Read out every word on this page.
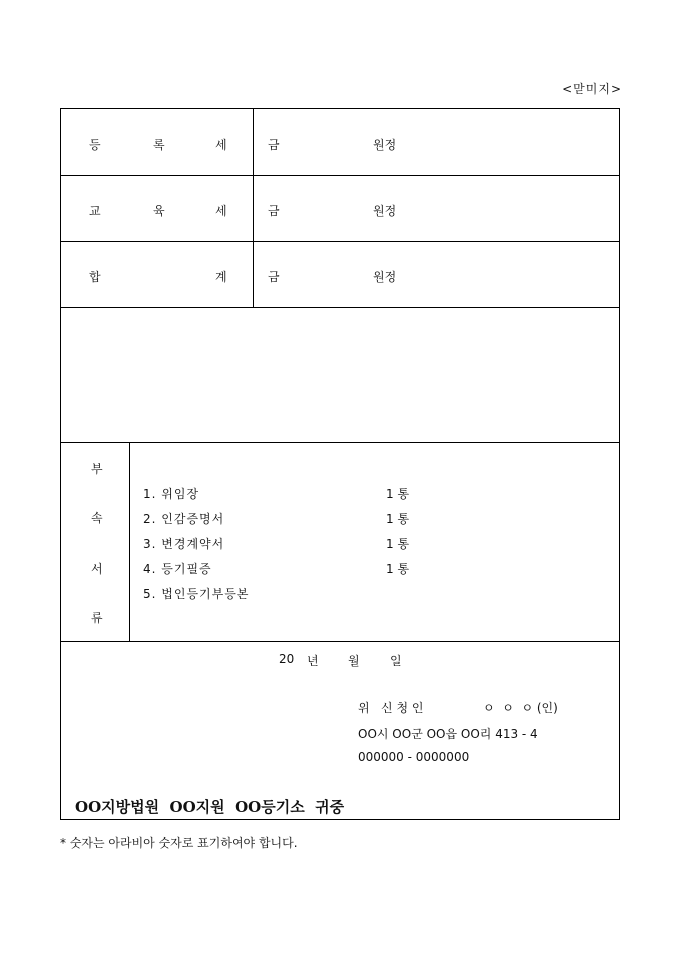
<맏미지>
등	록	세	금	원정
교	육	세	금	원정
합	계	금	원정
부
속
서
류
1. 위임장	1 통
2. 인감증명서	1 통
3. 변경계약서	1 통
4. 등기필증	1 통
5. 법인등기부등본
20 년 월	일
위   신 청 인	ㅇ  ㅇ  ㅇ (인)
OO시 OO군 OO읍 OO리 413 - 4
000000 - 0000000
OO지방법원  OO지원  OO등기소  귀중
* 숫자는 아라비아 숫자로 표기하여야 합니다.
